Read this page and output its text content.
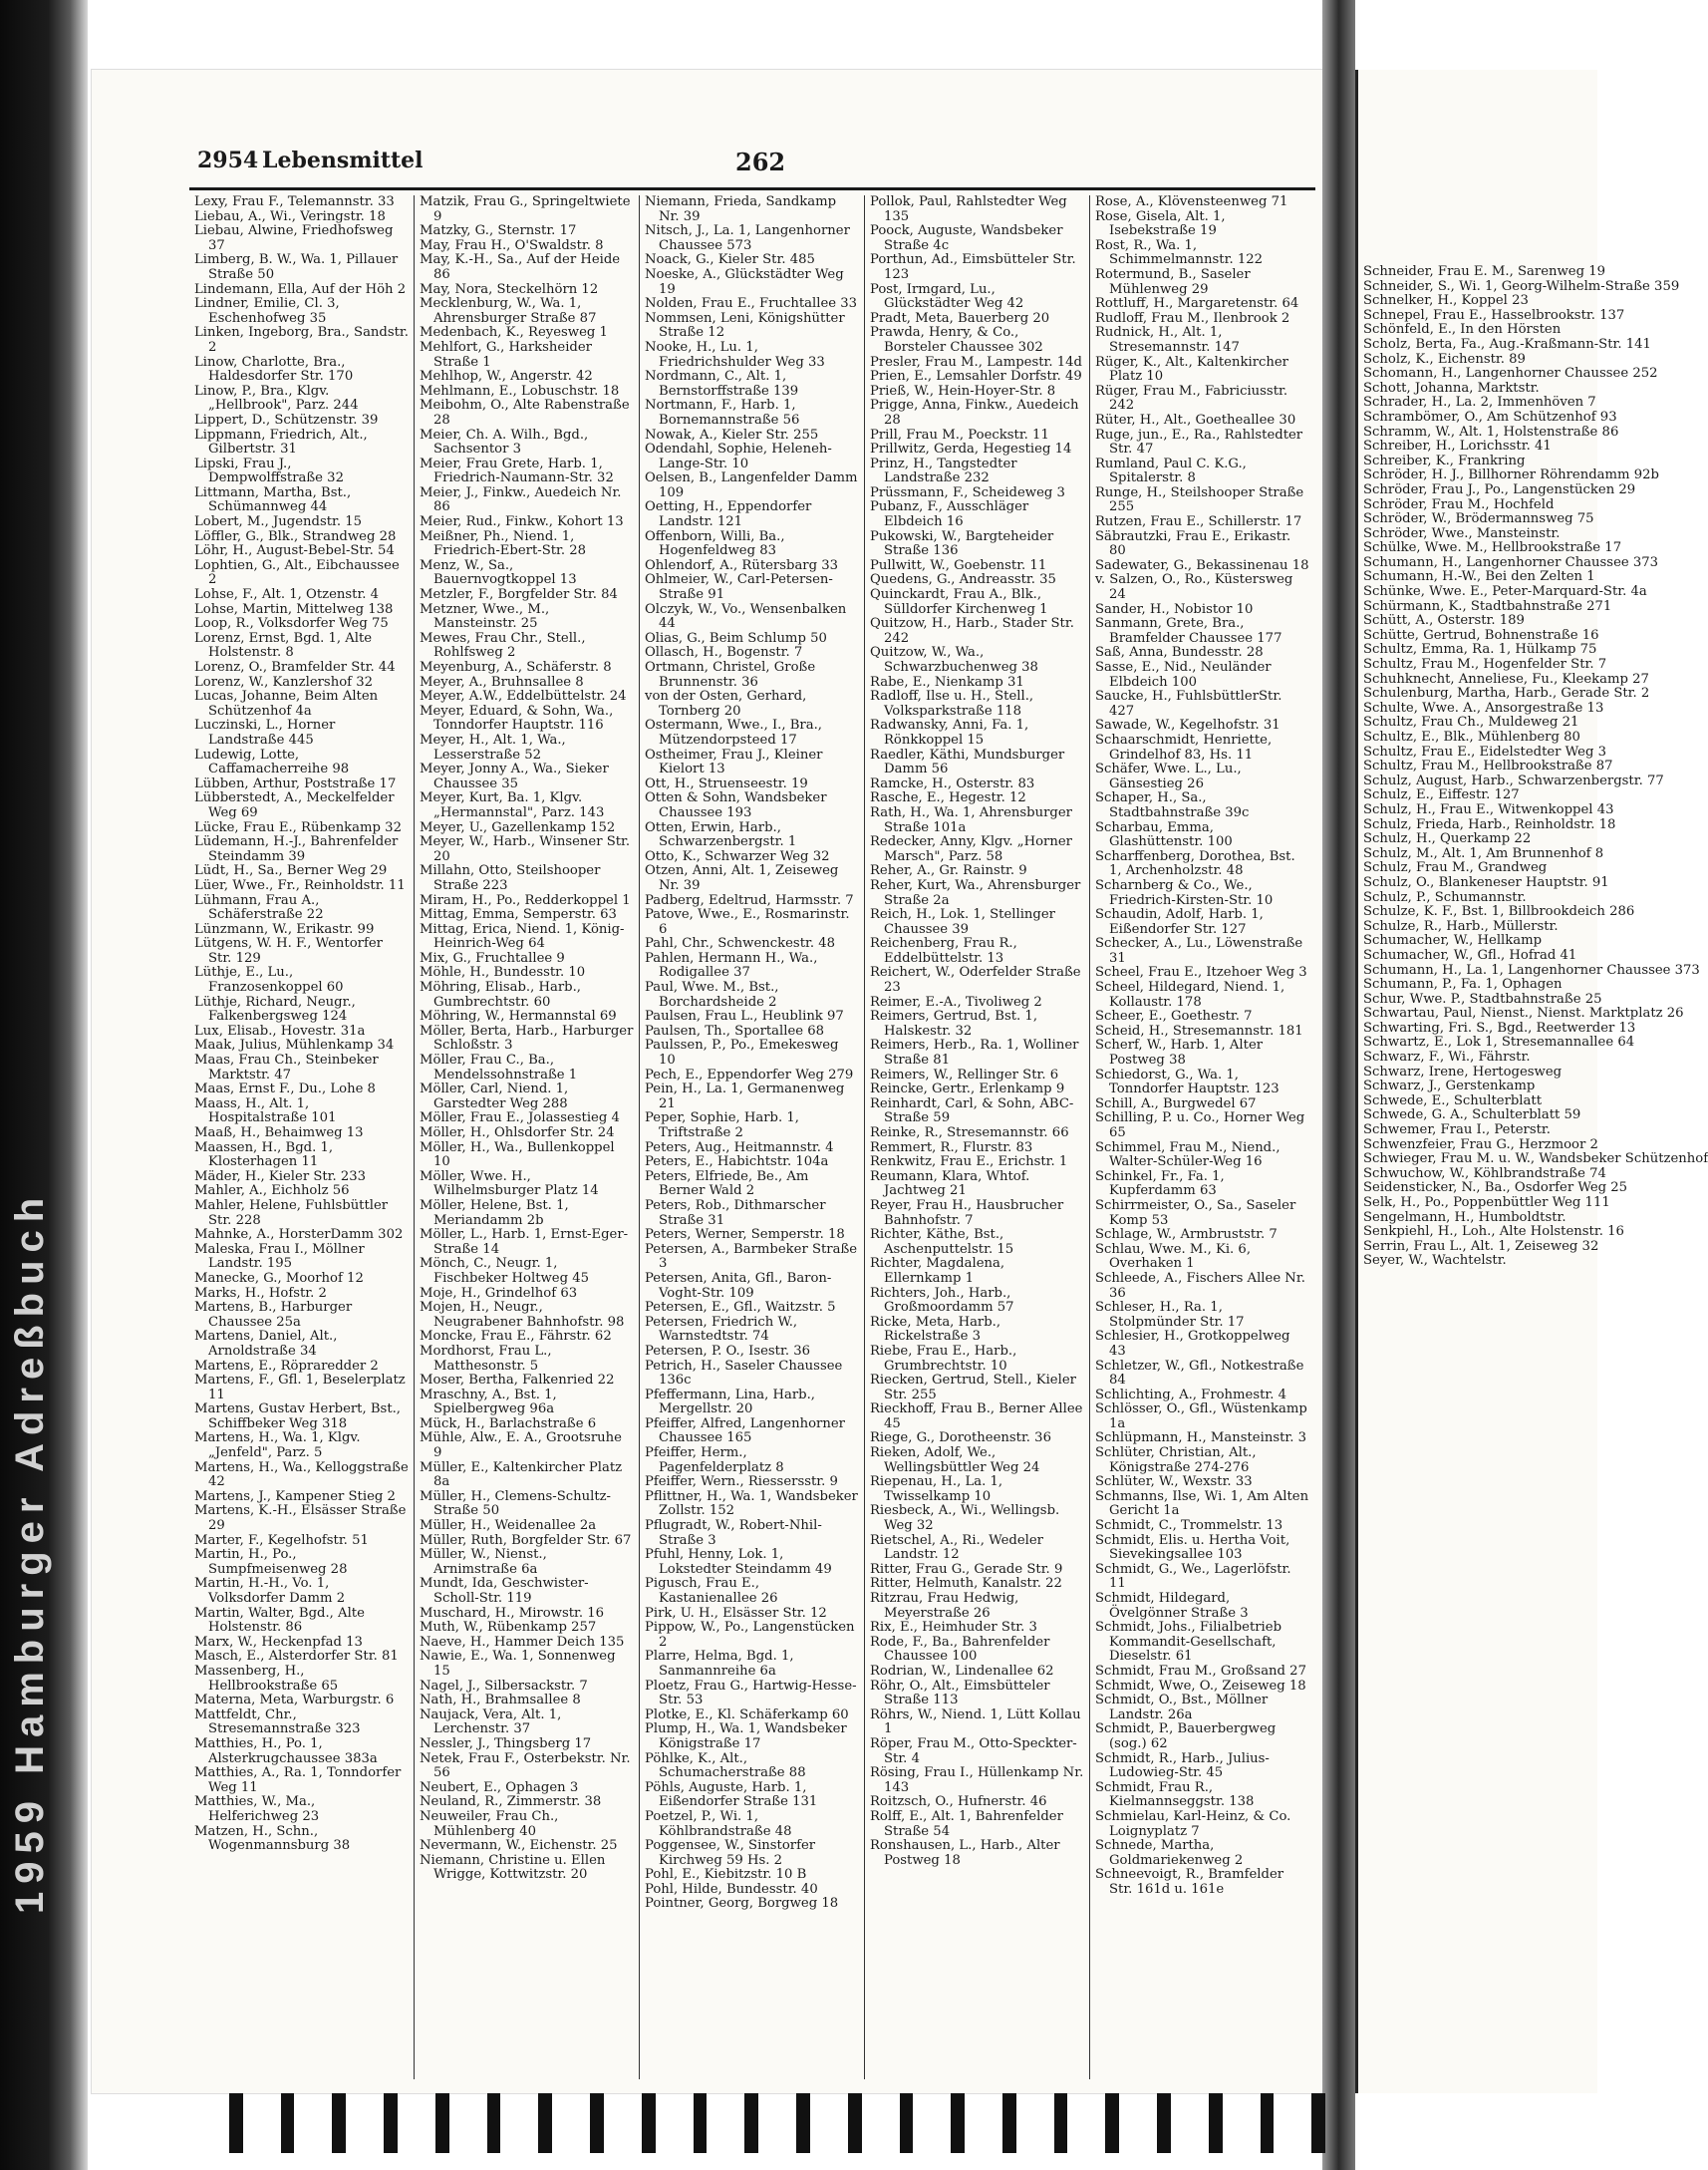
1959 Hamburger Adreßbuch

Schneider, Frau E. M., Sarenweg 19

Schneider, S., Wi. 1, Georg-Wilhelm-Straße 359

Schnelker, H., Koppel 23

Schnepel, Frau E., Hasselbrookstr. 137

Schönfeld, E., In den Hörsten

Scholz, Berta, Fa., Aug.-Kraßmann-Str. 141

Scholz, K., Eichenstr. 89

Schomann, H., Langenhorner Chaussee 252

Schott, Johanna, Marktstr.

Schrader, H., La. 2, Immenhöven 7

Schrambömer, O., Am Schützenhof 93

Schramm, W., Alt. 1, Holstenstraße 86

Schreiber, H., Lorichsstr. 41

Schreiber, K., Frankring

Schröder, H. J., Billhorner Röhrendamm 92b

Schröder, Frau J., Po., Langenstücken 29

Schröder, Frau M., Hochfeld

Schröder, W., Brödermannsweg 75

Schröder, Wwe., Mansteinstr.

Schülke, Wwe. M., Hellbrookstraße 17

Schumann, H., Langenhorner Chaussee 373

Schumann, H.-W., Bei den Zelten 1

Schünke, Wwe. E., Peter-Marquard-Str. 4a

Schürmann, K., Stadtbahnstraße 271

Schütt, A., Osterstr. 189

Schütte, Gertrud, Bohnenstraße 16

Schultz, Emma, Ra. 1, Hülkamp 75

Schultz, Frau M., Hogenfelder Str. 7

Schuhknecht, Anneliese, Fu., Kleekamp 27

Schulenburg, Martha, Harb., Gerade Str. 2

Schulte, Wwe. A., Ansorgestraße 13

Schultz, Frau Ch., Muldeweg 21

Schultz, E., Blk., Mühlenberg 80

Schultz, Frau E., Eidelstedter Weg 3

Schultz, Frau M., Hellbrookstraße 87

Schulz, August, Harb., Schwarzenbergstr. 77

Schulz, E., Eiffestr. 127

Schulz, H., Frau E., Witwenkoppel 43

Schulz, Frieda, Harb., Reinholdstr. 18

Schulz, H., Querkamp 22

Schulz, M., Alt. 1, Am Brunnenhof 8

Schulz, Frau M., Grandweg

Schulz, O., Blankeneser Hauptstr. 91

Schulz, P., Schumannstr.

Schulze, K. F., Bst. 1, Billbrookdeich 286

Schulze, R., Harb., Müllerstr.

Schumacher, W., Hellkamp

Schumacher, W., Gfl., Hofrad 41

Schumann, H., La. 1, Langenhorner Chaussee 373

Schumann, P., Fa. 1, Ophagen

Schur, Wwe. P., Stadtbahnstraße 25

Schwartau, Paul, Nienst., Nienst. Marktplatz 26

Schwarting, Fri. S., Bgd., Reetwerder 13

Schwartz, E., Lok 1, Stresemannallee 64

Schwarz, F., Wi., Fährstr.

Schwarz, Irene, Hertogesweg

Schwarz, J., Gerstenkamp

Schwede, E., Schulterblatt

Schwede, G. A., Schulterblatt 59

Schwemer, Frau I., Peterstr.

Schwenzfeier, Frau G., Herzmoor 2

Schwieger, Frau M. u. W., Wandsbeker Schützenhof

Schwuchow, W., Köhlbrandstraße 74

Seidensticker, N., Ba., Osdorfer Weg 25

Selk, H., Po., Poppenbüttler Weg 111

Sengelmann, H., Humboldtstr.

Senkpiehl, H., Loh., Alte Holstenstr. 16

Serrin, Frau L., Alt. 1, Zeiseweg 32

Seyer, W., Wachtelstr.

2954 Lebensmittel	262

Lexy, Frau F., Telemannstr. 33

Liebau, A., Wi., Veringstr. 18

Liebau, Alwine, Friedhofsweg 37

Limberg, B. W., Wa. 1, Pillauer Straße 50

Lindemann, Ella, Auf der Höh 2

Lindner, Emilie, Cl. 3, Eschenhofweg 35

Linken, Ingeborg, Bra., Sandstr. 2

Linow, Charlotte, Bra., Haldesdorfer Str. 170

Linow, P., Bra., Klgv. „Hellbrook", Parz. 244

Lippert, D., Schützenstr. 39

Lippmann, Friedrich, Alt., Gilbertstr. 31

Lipski, Frau J., Dempwolffstraße 32

Littmann, Martha, Bst., Schümannweg 44

Lobert, M., Jugendstr. 15

Löffler, G., Blk., Strandweg 28

Löhr, H., August-Bebel-Str. 54

Lophtien, G., Alt., Eibchaussee 2

Lohse, F., Alt. 1, Otzenstr. 4

Lohse, Martin, Mittelweg 138

Loop, R., Volksdorfer Weg 75

Lorenz, Ernst, Bgd. 1, Alte Holstenstr. 8

Lorenz, O., Bramfelder Str. 44

Lorenz, W., Kanzlershof 32

Lucas, Johanne, Beim Alten Schützenhof 4a

Luczinski, L., Horner Landstraße 445

Ludewig, Lotte, Caffamacherreihe 98

Lübben, Arthur, Poststraße 17

Lübberstedt, A., Meckelfelder Weg 69

Lücke, Frau E., Rübenkamp 32

Lüdemann, H.-J., Bahrenfelder Steindamm 39

Lüdt, H., Sa., Berner Weg 29

Lüer, Wwe., Fr., Reinholdstr. 11

Lühmann, Frau A., Schäferstraße 22

Lünzmann, W., Erikastr. 99

Lütgens, W. H. F., Wentorfer Str. 129

Lüthje, E., Lu., Franzosenkoppel 60

Lüthje, Richard, Neugr., Falkenbergsweg 124

Lux, Elisab., Hovestr. 31a

Maak, Julius, Mühlenkamp 34

Maas, Frau Ch., Steinbeker Marktstr. 47

Maas, Ernst F., Du., Lohe 8

Maass, H., Alt. 1, Hospitalstraße 101

Maaß, H., Behaimweg 13

Maassen, H., Bgd. 1, Klosterhagen 11

Mäder, H., Kieler Str. 233

Mahler, A., Eichholz 56

Mahler, Helene, Fuhlsbüttler Str. 228

Mahnke, A., HorsterDamm 302

Maleska, Frau I., Möllner Landstr. 195

Manecke, G., Moorhof 12

Marks, H., Hofstr. 2

Martens, B., Harburger Chaussee 25a

Martens, Daniel, Alt., Arnoldstraße 34

Martens, E., Röpraredder 2

Martens, F., Gfl. 1, Beselerplatz 11

Martens, Gustav Herbert, Bst., Schiffbeker Weg 318

Martens, H., Wa. 1, Klgv. „Jenfeld", Parz. 5

Martens, H., Wa., Kelloggstraße 42

Martens, J., Kampener Stieg 2

Martens, K.-H., Elsässer Straße 29

Marter, F., Kegelhofstr. 51

Martin, H., Po., Sumpfmeisenweg 28

Martin, H.-H., Vo. 1, Volksdorfer Damm 2

Martin, Walter, Bgd., Alte Holstenstr. 86

Marx, W., Heckenpfad 13

Masch, E., Alsterdorfer Str. 81

Massenberg, H., Hellbrookstraße 65

Materna, Meta, Warburgstr. 6

Mattfeldt, Chr., Stresemannstraße 323

Matthies, H., Po. 1, Alsterkrugchaussee 383a

Matthies, A., Ra. 1, Tonndorfer Weg 11

Matthies, W., Ma., Helferichweg 23

Matzen, H., Schn., Wogenmannsburg 38

Matzik, Frau G., Springeltwiete 9

Matzky, G., Sternstr. 17

May, Frau H., O'Swaldstr. 8

May, K.-H., Sa., Auf der Heide 86

May, Nora, Steckelhörn 12

Mecklenburg, W., Wa. 1, Ahrensburger Straße 87

Medenbach, K., Reyesweg 1

Mehlfort, G., Harksheider Straße 1

Mehlhop, W., Angerstr. 42

Mehlmann, E., Lobuschstr. 18

Meibohm, O., Alte Rabenstraße 28

Meier, Ch. A. Wilh., Bgd., Sachsentor 3

Meier, Frau Grete, Harb. 1, Friedrich-Naumann-Str. 32

Meier, J., Finkw., Auedeich Nr. 86

Meier, Rud., Finkw., Kohort 13

Meißner, Ph., Niend. 1, Friedrich-Ebert-Str. 28

Menz, W., Sa., Bauernvogtkoppel 13

Metzler, F., Borgfelder Str. 84

Metzner, Wwe., M., Mansteinstr. 25

Mewes, Frau Chr., Stell., Rohlfsweg 2

Meyenburg, A., Schäferstr. 8

Meyer, A., Bruhnsallee 8

Meyer, A.W., Eddelbüttelstr. 24

Meyer, Eduard, & Sohn, Wa., Tonndorfer Hauptstr. 116

Meyer, H., Alt. 1, Wa., Lesserstraße 52

Meyer, Jonny A., Wa., Sieker Chaussee 35

Meyer, Kurt, Ba. 1, Klgv. „Hermannstal", Parz. 143

Meyer, U., Gazellenkamp 152

Meyer, W., Harb., Winsener Str. 20

Millahn, Otto, Steilshooper Straße 223

Miram, H., Po., Redderkoppel 1

Mittag, Emma, Semperstr. 63

Mittag, Erica, Niend. 1, König-Heinrich-Weg 64

Mix, G., Fruchtallee 9

Möhle, H., Bundesstr. 10

Möhring, Elisab., Harb., Gumbrechtstr. 60

Möhring, W., Hermannstal 69

Möller, Berta, Harb., Harburger Schloßstr. 3

Möller, Frau C., Ba., Mendelssohnstraße 1

Möller, Carl, Niend. 1, Garstedter Weg 288

Möller, Frau E., Jolassestieg 4

Möller, H., Ohlsdorfer Str. 24

Möller, H., Wa., Bullenkoppel 10

Möller, Wwe. H., Wilhelmsburger Platz 14

Möller, Helene, Bst. 1, Meriandamm 2b

Möller, L., Harb. 1, Ernst-Eger-Straße 14

Mönch, C., Neugr. 1, Fischbeker Holtweg 45

Moje, H., Grindelhof 63

Mojen, H., Neugr., Neugrabener Bahnhofstr. 98

Moncke, Frau E., Fährstr. 62

Mordhorst, Frau L., Matthesonstr. 5

Moser, Bertha, Falkenried 22

Mraschny, A., Bst. 1, Spielbergweg 96a

Mück, H., Barlachstraße 6

Mühle, Alw., E. A., Grootsruhe 9

Müller, E., Kaltenkircher Platz 8a

Müller, H., Clemens-Schultz-Straße 50

Müller, H., Weidenallee 2a

Müller, Ruth, Borgfelder Str. 67

Müller, W., Nienst., Arnimstraße 6a

Mundt, Ida, Geschwister-Scholl-Str. 119

Muschard, H., Mirowstr. 16

Muth, W., Rübenkamp 257

Naeve, H., Hammer Deich 135

Nawie, E., Wa. 1, Sonnenweg 15

Nagel, J., Silbersackstr. 7

Nath, H., Brahmsallee 8

Naujack, Vera, Alt. 1, Lerchenstr. 37

Nessler, J., Thingsberg 17

Netek, Frau F., Osterbekstr. Nr. 56

Neubert, E., Ophagen 3

Neuland, R., Zimmerstr. 38

Neuweiler, Frau Ch., Mühlenberg 40

Nevermann, W., Eichenstr. 25

Niemann, Christine u. Ellen Wrigge, Kottwitzstr. 20

Niemann, Frieda, Sandkamp Nr. 39

Nitsch, J., La. 1, Langenhorner Chaussee 573

Noack, G., Kieler Str. 485

Noeske, A., Glückstädter Weg 19

Nolden, Frau E., Fruchtallee 33

Nommsen, Leni, Königshütter Straße 12

Nooke, H., Lu. 1, Friedrichshulder Weg 33

Nordmann, C., Alt. 1, Bernstorffstraße 139

Nortmann, F., Harb. 1, Bornemannstraße 56

Nowak, A., Kieler Str. 255

Odendahl, Sophie, Heleneh-Lange-Str. 10

Oelsen, B., Langenfelder Damm 109

Oetting, H., Eppendorfer Landstr. 121

Offenborn, Willi, Ba., Hogenfeldweg 83

Ohlendorf, A., Rütersbarg 33

Ohlmeier, W., Carl-Petersen-Straße 91

Olczyk, W., Vo., Wensenbalken 44

Olias, G., Beim Schlump 50

Ollasch, H., Bogenstr. 7

Ortmann, Christel, Große Brunnenstr. 36

von der Osten, Gerhard, Tornberg 20

Ostermann, Wwe., I., Bra., Mützendorpsteed 17

Ostheimer, Frau J., Kleiner Kielort 13

Ott, H., Struenseestr. 19

Otten & Sohn, Wandsbeker Chaussee 193

Otten, Erwin, Harb., Schwarzenbergstr. 1

Otto, K., Schwarzer Weg 32

Otzen, Anni, Alt. 1, Zeiseweg Nr. 39

Padberg, Edeltrud, Harmsstr. 7

Patove, Wwe., E., Rosmarinstr. 6

Pahl, Chr., Schwenckestr. 48

Pahlen, Hermann H., Wa., Rodigallee 37

Paul, Wwe. M., Bst., Borchardsheide 2

Paulsen, Frau L., Heublink 97

Paulsen, Th., Sportallee 68

Paulssen, P., Po., Emekesweg 10

Pech, E., Eppendorfer Weg 279

Pein, H., La. 1, Germanenweg 21

Peper, Sophie, Harb. 1, Triftstraße 2

Peters, Aug., Heitmannstr. 4

Peters, E., Habichtstr. 104a

Peters, Elfriede, Be., Am Berner Wald 2

Peters, Rob., Dithmarscher Straße 31

Peters, Werner, Semperstr. 18

Petersen, A., Barmbeker Straße 3

Petersen, Anita, Gfl., Baron-Voght-Str. 109

Petersen, E., Gfl., Waitzstr. 5

Petersen, Friedrich W., Warnstedtstr. 74

Petersen, P. O., Isestr. 36

Petrich, H., Saseler Chaussee 136c

Pfeffermann, Lina, Harb., Mergellstr. 20

Pfeiffer, Alfred, Langenhorner Chaussee 165

Pfeiffer, Herm., Pagenfelderplatz 8

Pfeiffer, Wern., Riessersstr. 9

Pflittner, H., Wa. 1, Wandsbeker Zollstr. 152

Pflugradt, W., Robert-Nhil-Straße 3

Pfuhl, Henny, Lok. 1, Lokstedter Steindamm 49

Pigusch, Frau E., Kastanienallee 26

Pirk, U. H., Elsässer Str. 12

Pippow, W., Po., Langenstücken 2

Plarre, Helma, Bgd. 1, Sanmannreihe 6a

Ploetz, Frau G., Hartwig-Hesse-Str. 53

Plotke, E., Kl. Schäferkamp 60

Plump, H., Wa. 1, Wandsbeker Königstraße 17

Pöhlke, K., Alt., Schumacherstraße 88

Pöhls, Auguste, Harb. 1, Eißendorfer Straße 131

Poetzel, P., Wi. 1, Köhlbrandstraße 48

Poggensee, W., Sinstorfer Kirchweg 59 Hs. 2

Pohl, E., Kiebitzstr. 10 B

Pohl, Hilde, Bundesstr. 40

Pointner, Georg, Borgweg 18

Pollok, Paul, Rahlstedter Weg 135

Poock, Auguste, Wandsbeker Straße 4c

Porthun, Ad., Eimsbütteler Str. 123

Post, Irmgard, Lu., Glückstädter Weg 42

Pradt, Meta, Bauerberg 20

Prawda, Henry, & Co., Borsteler Chaussee 302

Presler, Frau M., Lampestr. 14d

Prien, E., Lemsahler Dorfstr. 49

Prieß, W., Hein-Hoyer-Str. 8

Prigge, Anna, Finkw., Auedeich 28

Prill, Frau M., Poeckstr. 11

Prillwitz, Gerda, Hegestieg 14

Prinz, H., Tangstedter Landstraße 232

Prüssmann, F., Scheideweg 3

Pubanz, F., Ausschläger Elbdeich 16

Pukowski, W., Bargteheider Straße 136

Pullwitt, W., Goebenstr. 11

Quedens, G., Andreasstr. 35

Quinckardt, Frau A., Blk., Sülldorfer Kirchenweg 1

Quitzow, H., Harb., Stader Str. 242

Quitzow, W., Wa., Schwarzbuchenweg 38

Rabe, E., Nienkamp 31

Radloff, Ilse u. H., Stell., Volksparkstraße 118

Radwansky, Anni, Fa. 1, Rönkkoppel 15

Raedler, Käthi, Mundsburger Damm 56

Ramcke, H., Osterstr. 83

Rasche, E., Hegestr. 12

Rath, H., Wa. 1, Ahrensburger Straße 101a

Redecker, Anny, Klgv. „Horner Marsch", Parz. 58

Reher, A., Gr. Rainstr. 9

Reher, Kurt, Wa., Ahrensburger Straße 2a

Reich, H., Lok. 1, Stellinger Chaussee 39

Reichenberg, Frau R., Eddelbüttelstr. 13

Reichert, W., Oderfelder Straße 23

Reimer, E.-A., Tivoliweg 2

Reimers, Gertrud, Bst. 1, Halskestr. 32

Reimers, Herb., Ra. 1, Wolliner Straße 81

Reimers, W., Rellinger Str. 6

Reincke, Gertr., Erlenkamp 9

Reinhardt, Carl, & Sohn, ABC-Straße 59

Reinke, R., Stresemannstr. 66

Remmert, R., Flurstr. 83

Renkwitz, Frau E., Erichstr. 1

Reumann, Klara, Whtof. Jachtweg 21

Reyer, Frau H., Hausbrucher Bahnhofstr. 7

Richter, Käthe, Bst., Aschenputtelstr. 15

Richter, Magdalena, Ellernkamp 1

Richters, Joh., Harb., Großmoordamm 57

Ricke, Meta, Harb., Rickelstraße 3

Riebe, Frau E., Harb., Grumbrechtstr. 10

Riecken, Gertrud, Stell., Kieler Str. 255

Rieckhoff, Frau B., Berner Allee 45

Riege, G., Dorotheenstr. 36

Rieken, Adolf, We., Wellingsbüttler Weg 24

Riepenau, H., La. 1, Twisselkamp 10

Riesbeck, A., Wi., Wellingsb. Weg 32

Rietschel, A., Ri., Wedeler Landstr. 12

Ritter, Frau G., Gerade Str. 9

Ritter, Helmuth, Kanalstr. 22

Ritzrau, Frau Hedwig, Meyerstraße 26

Rix, E., Heimhuder Str. 3

Rode, F., Ba., Bahrenfelder Chaussee 100

Rodrian, W., Lindenallee 62

Röhr, O., Alt., Eimsbütteler Straße 113

Röhrs, W., Niend. 1, Lütt Kollau 1

Röper, Frau M., Otto-Speckter-Str. 4

Rösing, Frau I., Hüllenkamp Nr. 143

Roitzsch, O., Hufnerstr. 46

Rolff, E., Alt. 1, Bahrenfelder Straße 54

Ronshausen, L., Harb., Alter Postweg 18

Rose, A., Klövensteenweg 71

Rose, Gisela, Alt. 1, Isebekstraße 19

Rost, R., Wa. 1, Schimmelmannstr. 122

Rotermund, B., Saseler Mühlenweg 29

Rottluff, H., Margaretenstr. 64

Rudloff, Frau M., Ilenbrook 2

Rudnick, H., Alt. 1, Stresemannstr. 147

Rüger, K., Alt., Kaltenkircher Platz 10

Rüger, Frau M., Fabriciusstr. 242

Rüter, H., Alt., Goetheallee 30

Ruge, jun., E., Ra., Rahlstedter Str. 47

Rumland, Paul C. K.G., Spitalerstr. 8

Runge, H., Steilshooper Straße 255

Rutzen, Frau E., Schillerstr. 17

Säbrautzki, Frau E., Erikastr. 80

Sadewater, G., Bekassinenau 18

v. Salzen, O., Ro., Küstersweg 24

Sander, H., Nobistor 10

Sanmann, Grete, Bra., Bramfelder Chaussee 177

Saß, Anna, Bundesstr. 28

Sasse, E., Nid., Neuländer Elbdeich 100

Saucke, H., FuhlsbüttlerStr. 427

Sawade, W., Kegelhofstr. 31

Schaarschmidt, Henriette, Grindelhof 83, Hs. 11

Schäfer, Wwe. L., Lu., Gänsestieg 26

Schaper, H., Sa., Stadtbahnstraße 39c

Scharbau, Emma, Glashüttenstr. 100

Scharffenberg, Dorothea, Bst. 1, Archenholzstr. 48

Scharnberg & Co., We., Friedrich-Kirsten-Str. 10

Schaudin, Adolf, Harb. 1, Eißendorfer Str. 127

Schecker, A., Lu., Löwenstraße 31

Scheel, Frau E., Itzehoer Weg 3

Scheel, Hildegard, Niend. 1, Kollaustr. 178

Scheer, E., Goethestr. 7

Scheid, H., Stresemannstr. 181

Scherf, W., Harb. 1, Alter Postweg 38

Schiedorst, G., Wa. 1, Tonndorfer Hauptstr. 123

Schill, A., Burgwedel 67

Schilling, P. u. Co., Horner Weg 65

Schimmel, Frau M., Niend., Walter-Schüler-Weg 16

Schinkel, Fr., Fa. 1, Kupferdamm 63

Schirrmeister, O., Sa., Saseler Komp 53

Schlage, W., Armbruststr. 7

Schlau, Wwe. M., Ki. 6, Overhaken 1

Schleede, A., Fischers Allee Nr. 36

Schleser, H., Ra. 1, Stolpmünder Str. 17

Schlesier, H., Grotkoppelweg 43

Schletzer, W., Gfl., Notkestraße 84

Schlichting, A., Frohmestr. 4

Schlösser, O., Gfl., Wüstenkamp 1a

Schlüpmann, H., Mansteinstr. 3

Schlüter, Christian, Alt., Königstraße 274-276

Schlüter, W., Wexstr. 33

Schmanns, Ilse, Wi. 1, Am Alten Gericht 1a

Schmidt, C., Trommelstr. 13

Schmidt, Elis. u. Hertha Voit, Sievekingsallee 103

Schmidt, G., We., Lagerlöfstr. 11

Schmidt, Hildegard, Övelgönner Straße 3

Schmidt, Johs., Filialbetrieb Kommandit-Gesellschaft, Dieselstr. 61

Schmidt, Frau M., Großsand 27

Schmidt, Wwe, O., Zeiseweg 18

Schmidt, O., Bst., Möllner Landstr. 26a

Schmidt, P., Bauerbergweg (sog.) 62

Schmidt, R., Harb., Julius-Ludowieg-Str. 45

Schmidt, Frau R., Kielmannseggstr. 138

Schmielau, Karl-Heinz, & Co. Loignyplatz 7

Schnede, Martha, Goldmariekenweg 2

Schneevoigt, R., Bramfelder Str. 161d u. 161e
